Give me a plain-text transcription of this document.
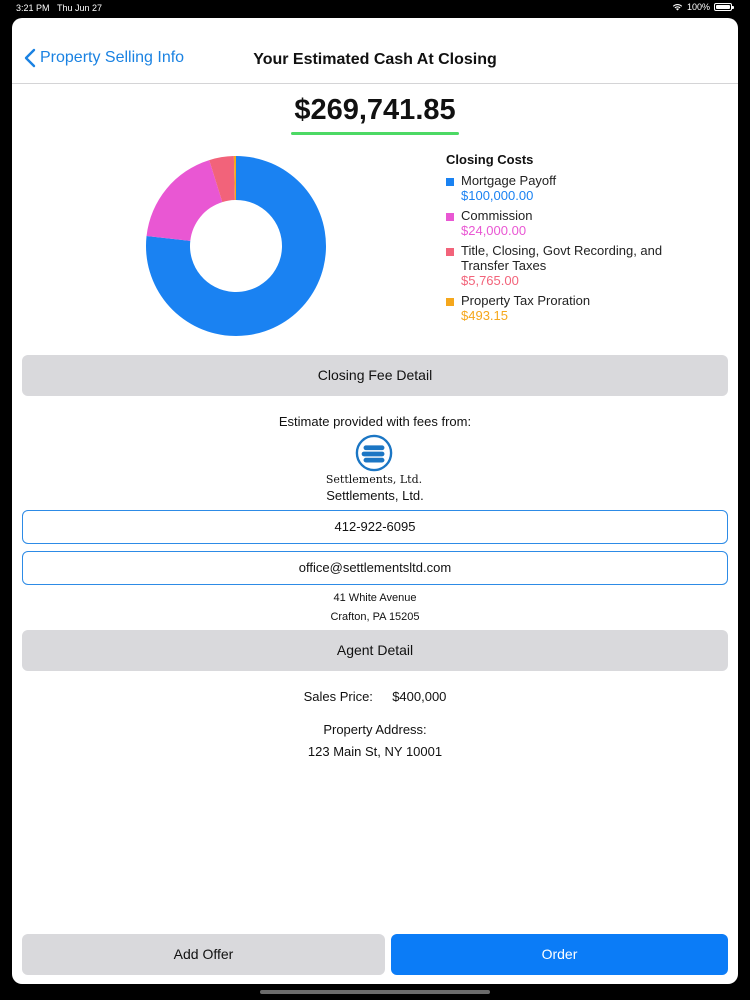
3:21 PM Thu Jun 27	100%
Property Selling Info	Your Estimated Cash At Closing
$269,741.85
Closing Costs
Mortgage Payoff
$100,000.00
Commission
$24,000.00
Title, Closing, Govt Recording, and Transfer Taxes
$5,765.00
Property Tax Proration
$493.15
Closing Fee Detail
Estimate provided with fees from:
Settlements, Ltd.
Settlements, Ltd.
412-922-6095
office@settlementsltd.com
41 White Avenue
Crafton, PA 15205
Agent Detail
Sales Price: $400,000
Property Address:
123 Main St, NY 10001
Add Offer	Order
